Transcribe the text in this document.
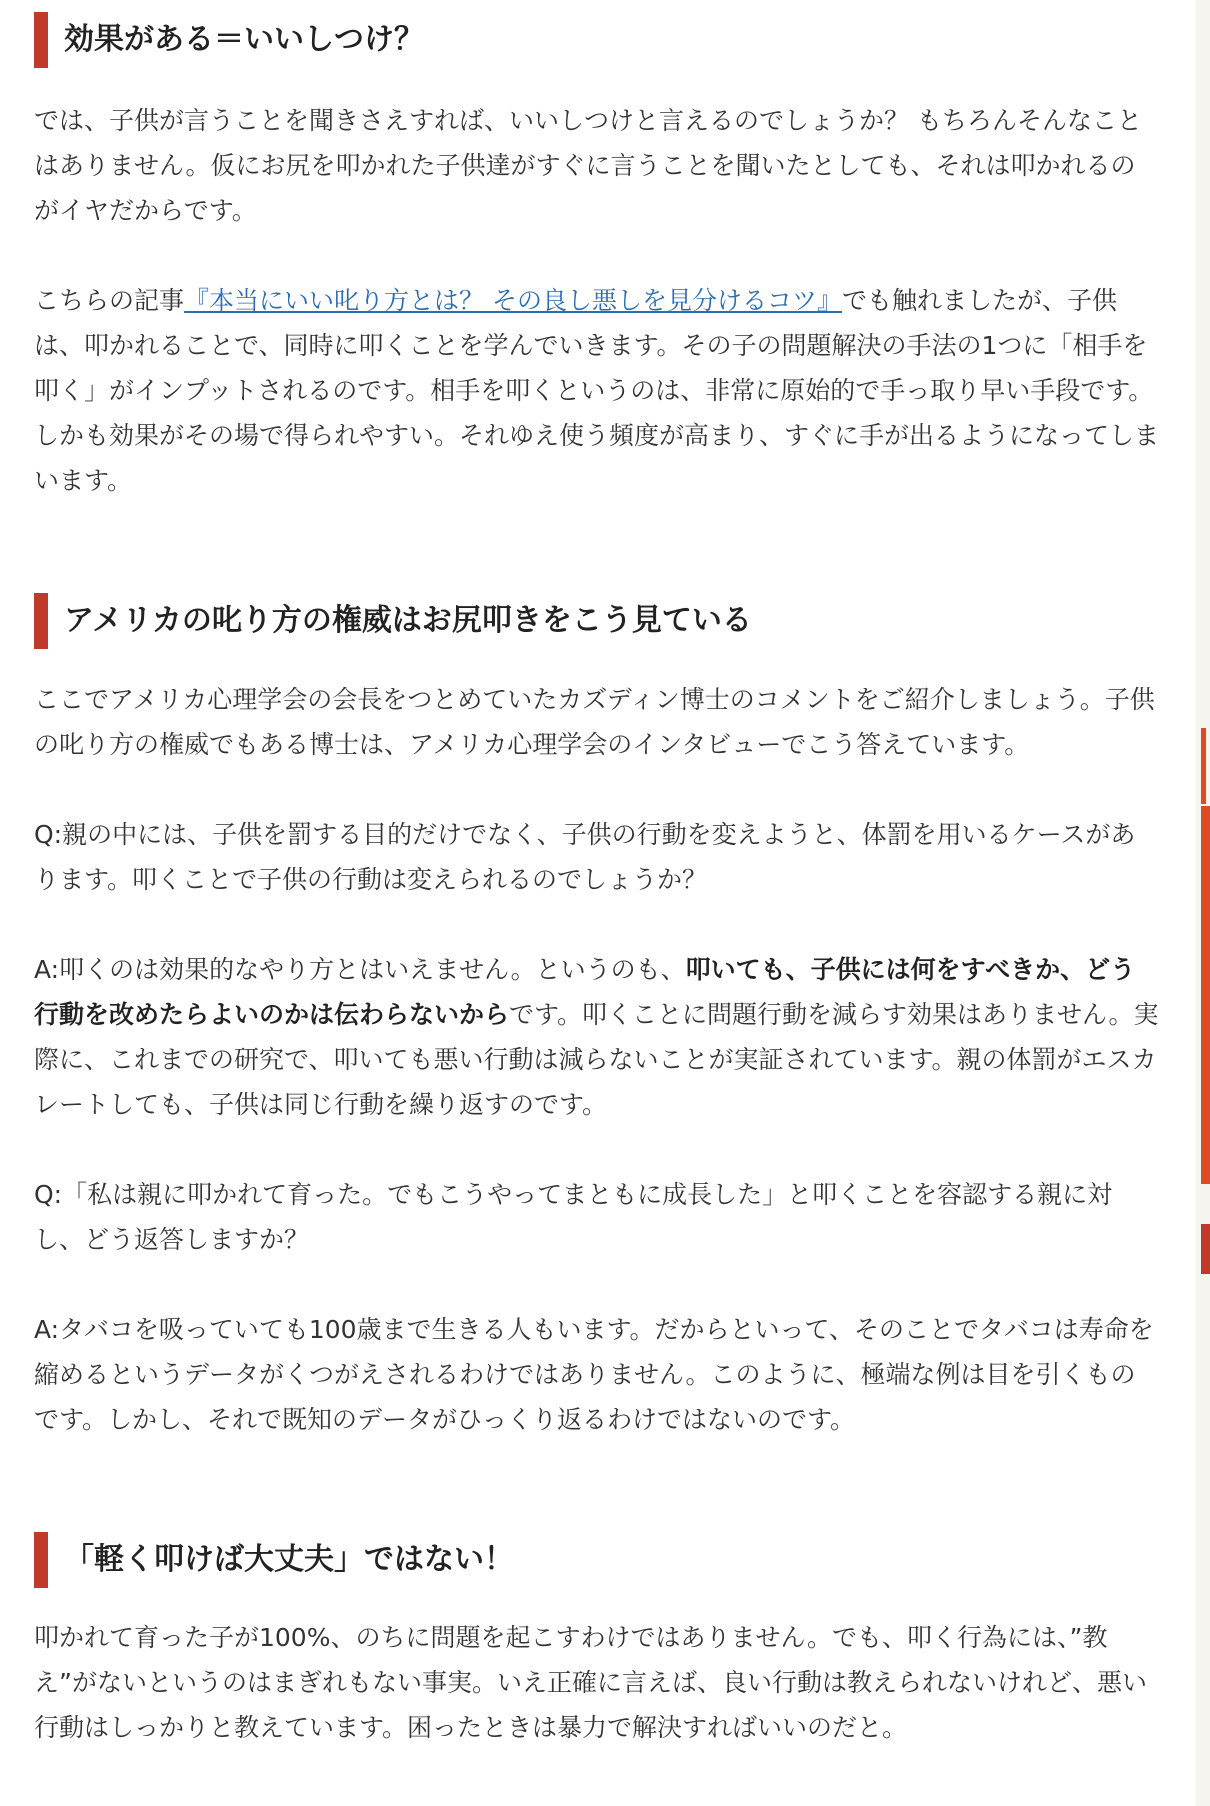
効果がある＝いいしつけ？

では、子供が言うことを聞きさえすれば、いいしつけと言えるのでしょうか？ もちろんそんなことはありません。仮にお尻を叩かれた子供達がすぐに言うことを聞いたとしても、それは叩かれるのがイヤだからです。

こちらの記事『本当にいい叱り方とは？ その良し悪しを見分けるコツ』でも触れましたが、子供は、叩かれることで、同時に叩くことを学んでいきます。その子の問題解決の手法の1つに「相手を叩く」がインプットされるのです。相手を叩くというのは、非常に原始的で手っ取り早い手段です。しかも効果がその場で得られやすい。それゆえ使う頻度が高まり、すぐに手が出るようになってしまいます。

アメリカの叱り方の権威はお尻叩きをこう見ている

ここでアメリカ心理学会の会長をつとめていたカズディン博士のコメントをご紹介しましょう。子供の叱り方の権威でもある博士は、アメリカ心理学会のインタビューでこう答えています。

Q:親の中には、子供を罰する目的だけでなく、子供の行動を変えようと、体罰を用いるケースがあります。叩くことで子供の行動は変えられるのでしょうか？

A:叩くのは効果的なやり方とはいえません。というのも、叩いても、子供には何をすべきか、どう行動を改めたらよいのかは伝わらないからです。叩くことに問題行動を減らす効果はありません。実際に、これまでの研究で、叩いても悪い行動は減らないことが実証されています。親の体罰がエスカレートしても、子供は同じ行動を繰り返すのです。

Q:「私は親に叩かれて育った。でもこうやってまともに成長した」と叩くことを容認する親に対し、どう返答しますか？

A:タバコを吸っていても100歳まで生きる人もいます。だからといって、そのことでタバコは寿命を縮めるというデータがくつがえされるわけではありません。このように、極端な例は目を引くものです。しかし、それで既知のデータがひっくり返るわけではないのです。

「軽く叩けば大丈夫」ではない！

叩かれて育った子が100%、のちに問題を起こすわけではありません。でも、叩く行為には、”教え”がないというのはまぎれもない事実。いえ正確に言えば、良い行動は教えられないけれど、悪い行動はしっかりと教えています。困ったときは暴力で解決すればいいのだと。
